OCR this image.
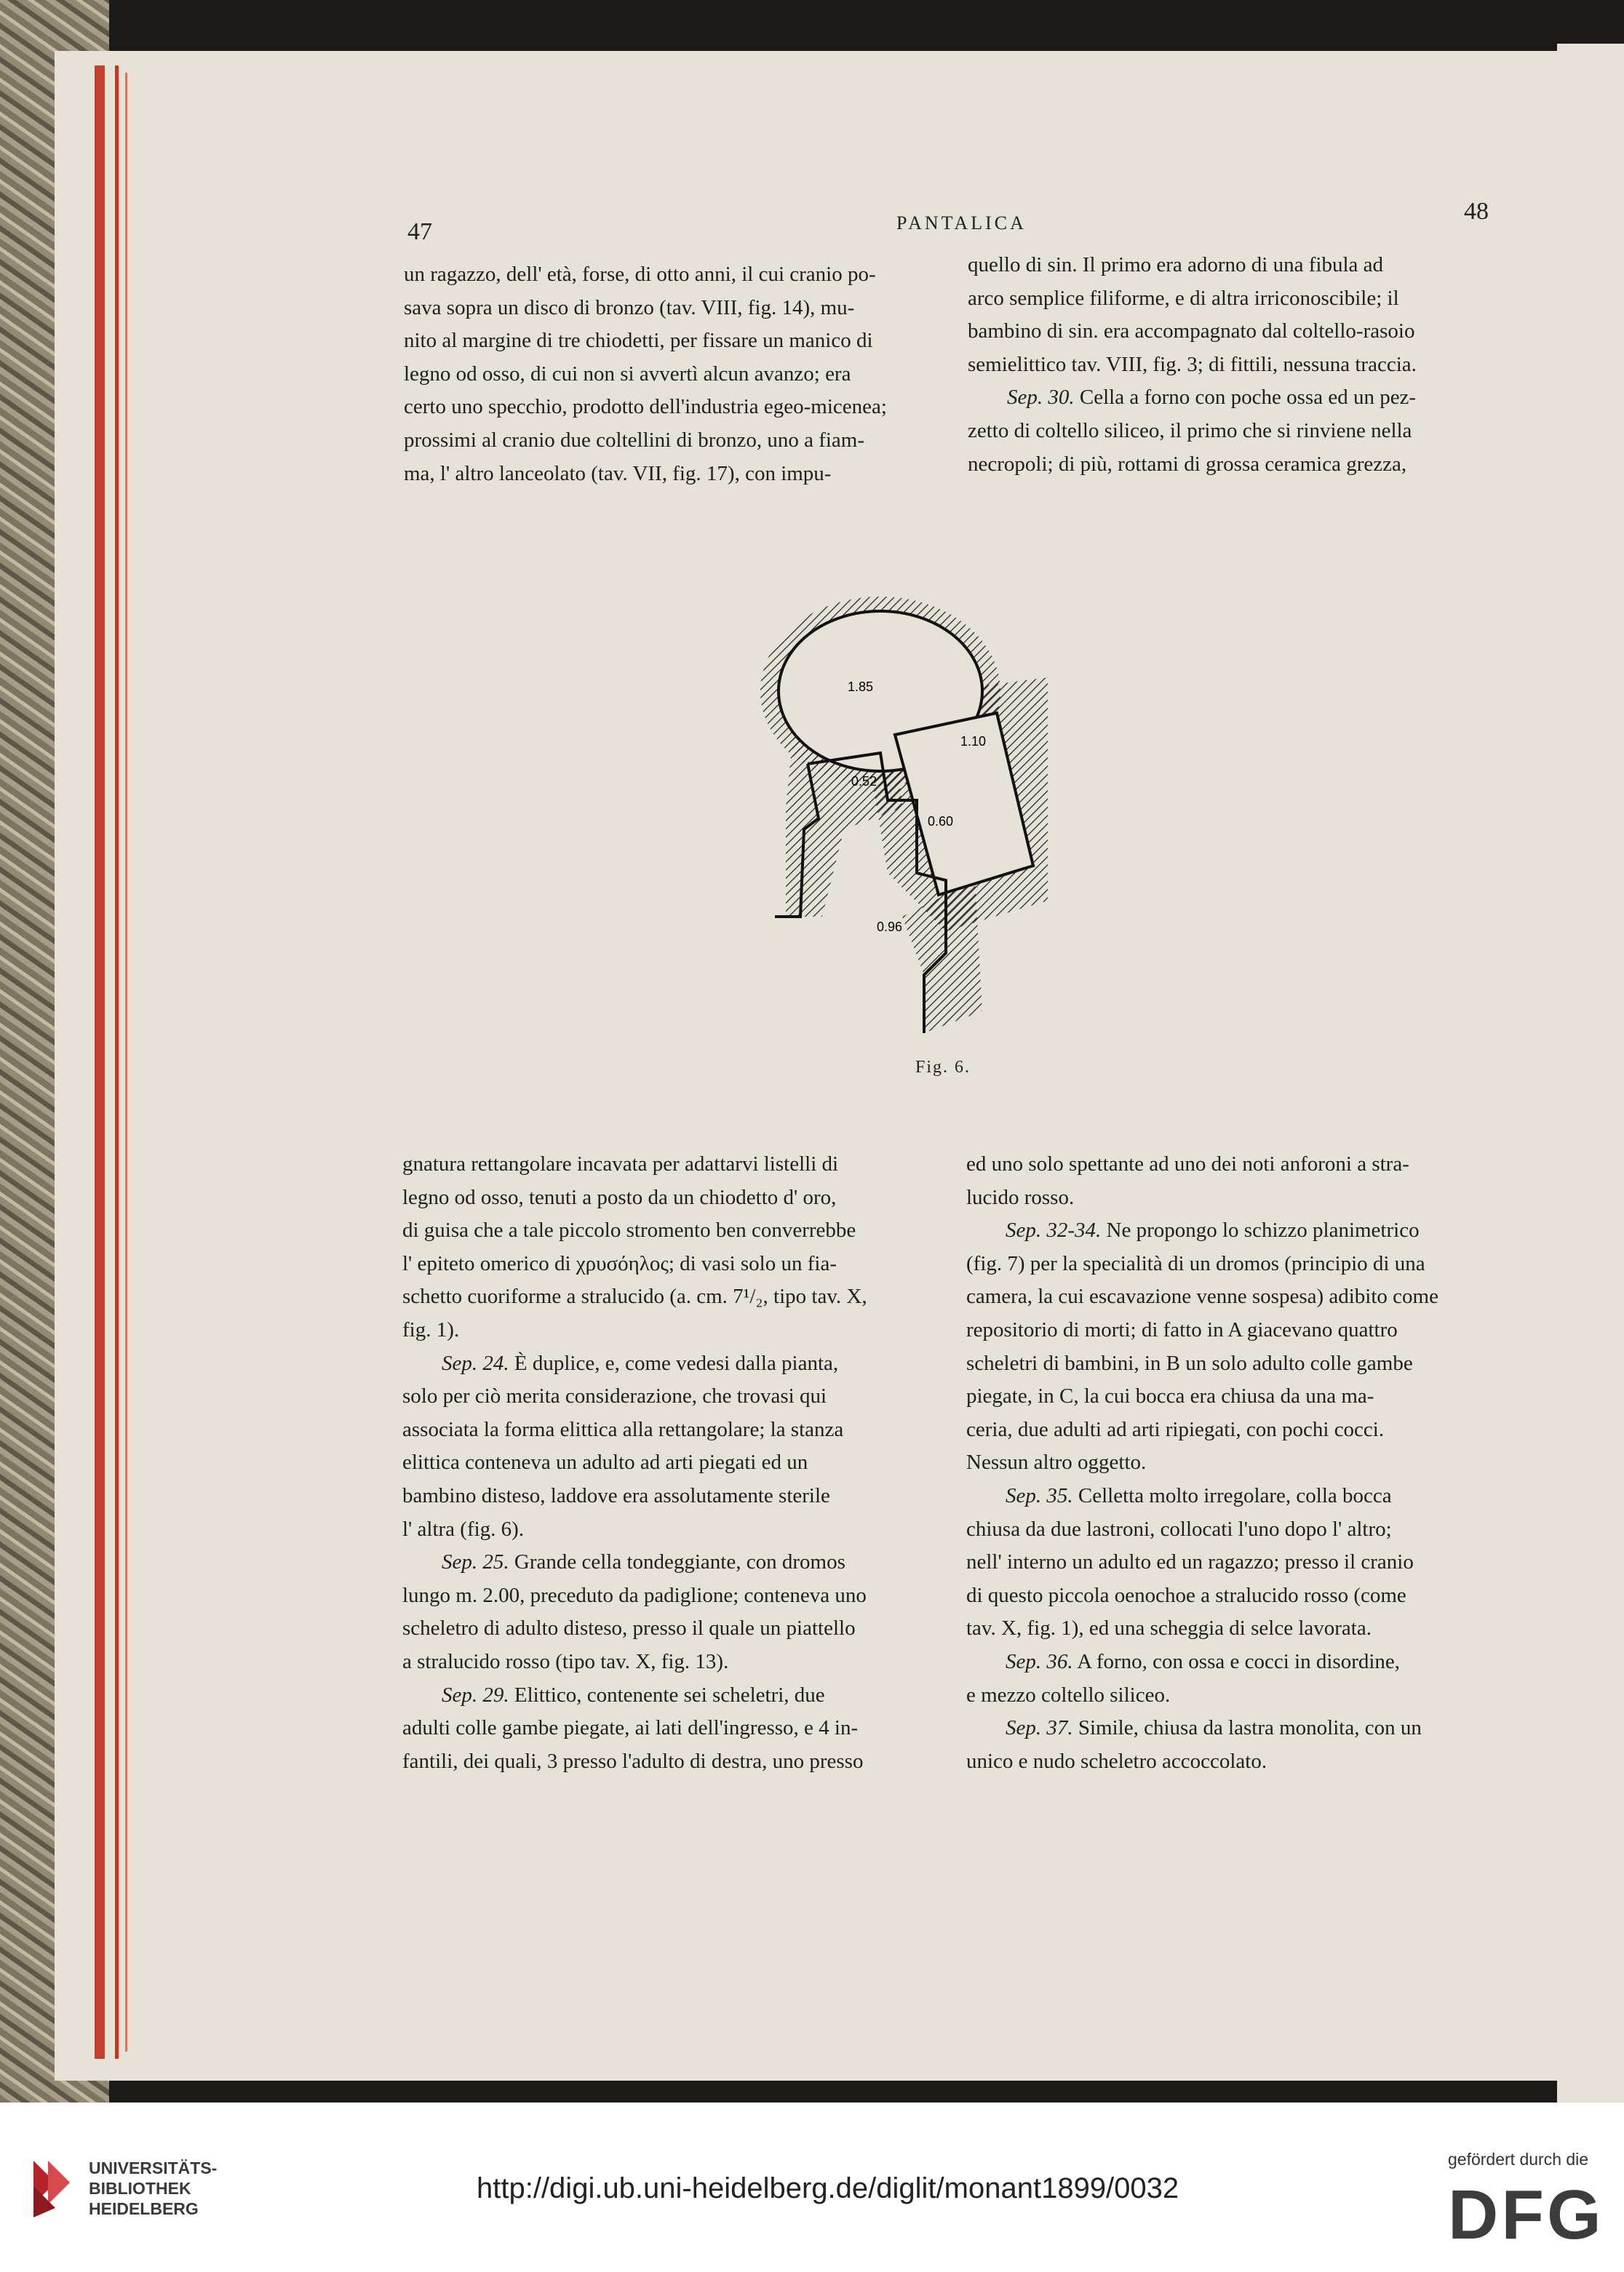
47
48
PANTALICA

un ragazzo, dell' età, forse, di otto anni, il cui cranio po-

sava sopra un disco di bronzo (tav. VIII, fig. 14), mu-

nito al margine di tre chiodetti, per fissare un manico di

legno od osso, di cui non si avvertì alcun avanzo; era

certo uno specchio, prodotto dell'industria egeo-micenea;

prossimi al cranio due coltellini di bronzo, uno a fiam-

ma, l' altro lanceolato (tav. VII, fig. 17), con impu-

quello di sin. Il primo era adorno di una fibula ad

arco semplice filiforme, e di altra irriconoscibile; il

bambino di sin. era accompagnato dal coltello-rasoio

semielittico tav. VIII, fig. 3; di fittili, nessuna traccia.

Sep. 30. Cella a forno con poche ossa ed un pez-

zetto di coltello siliceo, il primo che si rinviene nella

necropoli; di più, rottami di grossa ceramica grezza,

1.85
1.10
0.52
0.60
0.96
Fig. 6.

gnatura rettangolare incavata per adattarvi listelli di

legno od osso, tenuti a posto da un chiodetto d' oro,

di guisa che a tale piccolo stromento ben converrebbe

l' epiteto omerico di χρυσόηλος; di vasi solo un fia-

schetto cuoriforme a stralucido (a. cm. 7¹/₂, tipo tav. X,

fig. 1).

Sep. 24. È duplice, e, come vedesi dalla pianta,

solo per ciò merita considerazione, che trovasi qui

associata la forma elittica alla rettangolare; la stanza

elittica conteneva un adulto ad arti piegati ed un

bambino disteso, laddove era assolutamente sterile

l' altra (fig. 6).

Sep. 25. Grande cella tondeggiante, con dromos

lungo m. 2.00, preceduto da padiglione; conteneva uno

scheletro di adulto disteso, presso il quale un piattello

a stralucido rosso (tipo tav. X, fig. 13).

Sep. 29. Elittico, contenente sei scheletri, due

adulti colle gambe piegate, ai lati dell'ingresso, e 4 in-

fantili, dei quali, 3 presso l'adulto di destra, uno presso

ed uno solo spettante ad uno dei noti anforoni a stra-

lucido rosso.

Sep. 32-34. Ne propongo lo schizzo planimetrico

(fig. 7) per la specialità di un dromos (principio di una

camera, la cui escavazione venne sospesa) adibito come

repositorio di morti; di fatto in A giacevano quattro

scheletri di bambini, in B un solo adulto colle gambe

piegate, in C, la cui bocca era chiusa da una ma-

ceria, due adulti ad arti ripiegati, con pochi cocci.

Nessun altro oggetto.

Sep. 35. Celletta molto irregolare, colla bocca

chiusa da due lastroni, collocati l'uno dopo l' altro;

nell' interno un adulto ed un ragazzo; presso il cranio

di questo piccola oenochoe a stralucido rosso (come

tav. X, fig. 1), ed una scheggia di selce lavorata.

Sep. 36. A forno, con ossa e cocci in disordine,

e mezzo coltello siliceo.

Sep. 37. Simile, chiusa da lastra monolita, con un

unico e nudo scheletro accoccolato.

UNIVERSITÄTS-
BIBLIOTHEK
HEIDELBERG
http://digi.ub.uni-heidelberg.de/diglit/monant1899/0032
gefördert durch die
DFG
